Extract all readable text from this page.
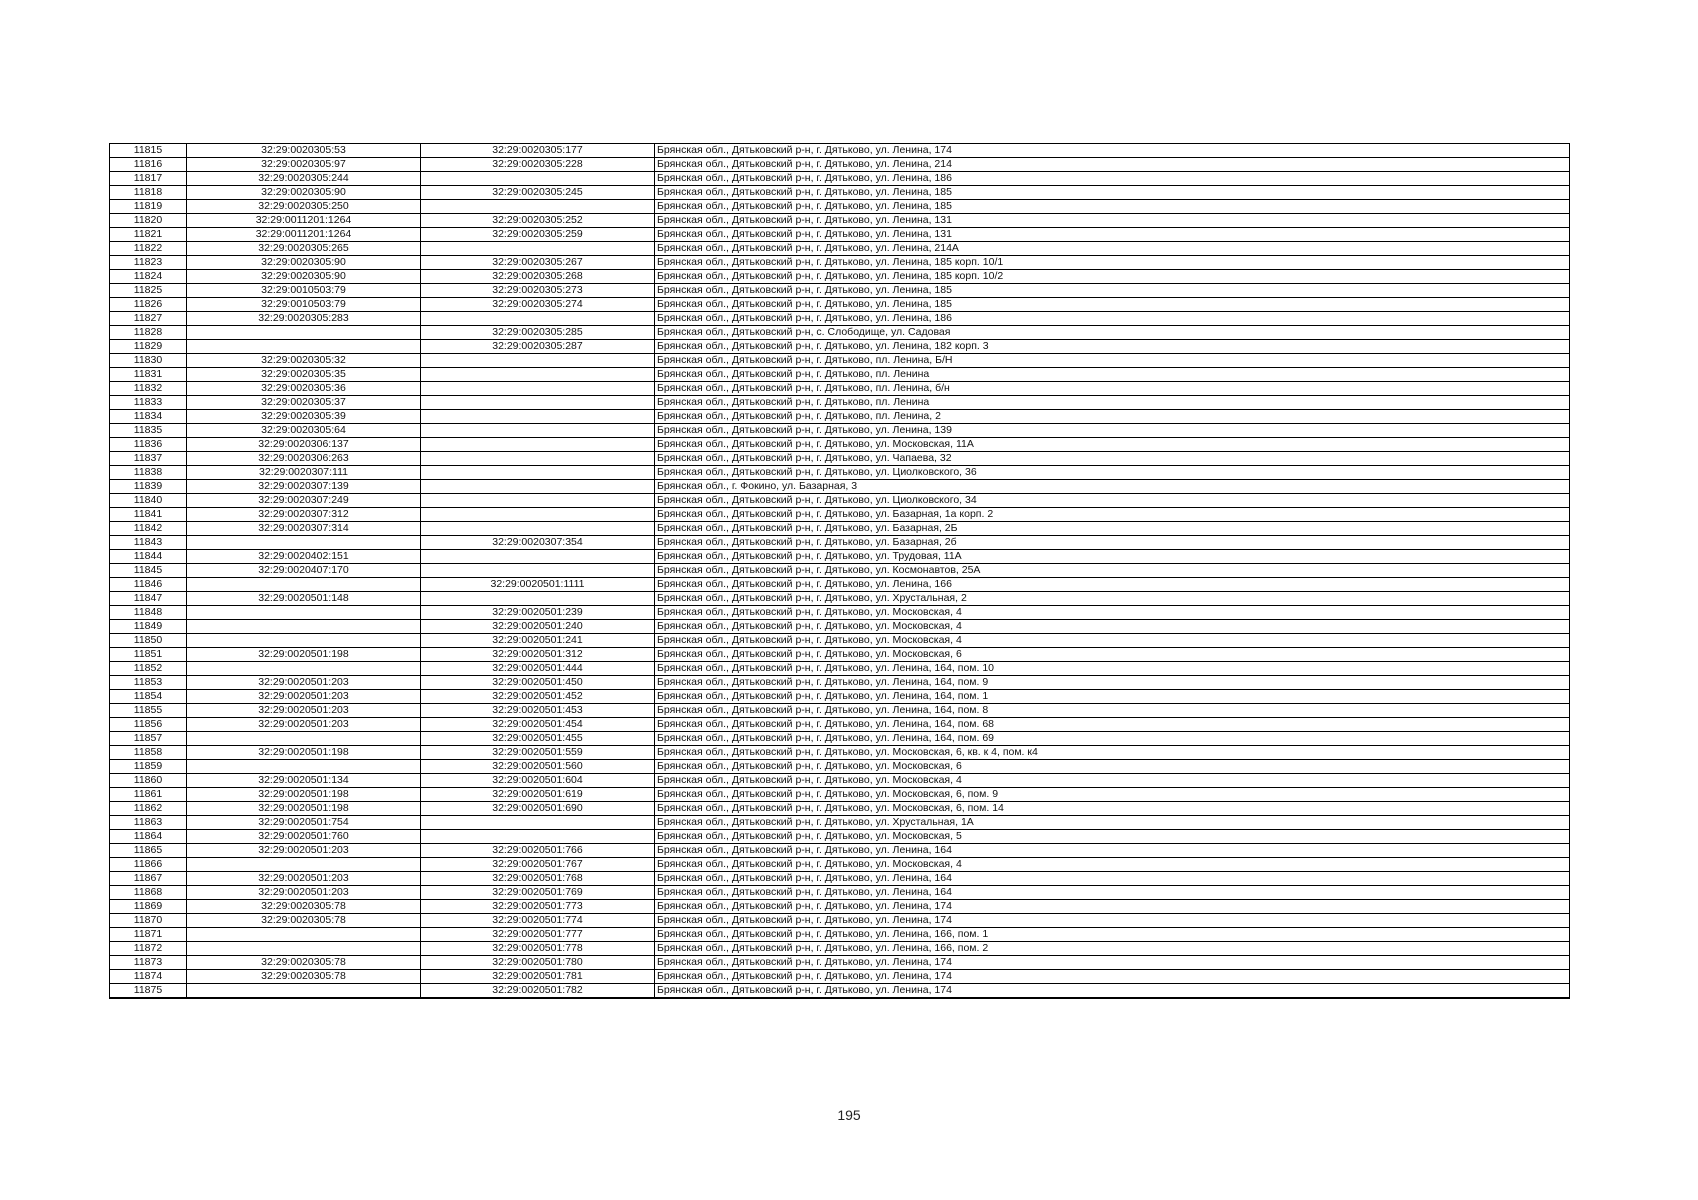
11815	32:29:0020305:53	32:29:0020305:177	Брянская обл., Дятьковский р-н, г. Дятьково, ул. Ленина, 174
11816	32:29:0020305:97	32:29:0020305:228	Брянская обл., Дятьковский р-н, г. Дятьково, ул. Ленина, 214
11817	32:29:0020305:244		Брянская обл., Дятьковский р-н, г. Дятьково, ул. Ленина, 186
11818	32:29:0020305:90	32:29:0020305:245	Брянская обл., Дятьковский р-н, г. Дятьково, ул. Ленина, 185
11819	32:29:0020305:250		Брянская обл., Дятьковский р-н, г. Дятьково, ул. Ленина, 185
11820	32:29:0011201:1264	32:29:0020305:252	Брянская обл., Дятьковский р-н, г. Дятьково, ул. Ленина, 131
11821	32:29:0011201:1264	32:29:0020305:259	Брянская обл., Дятьковский р-н, г. Дятьково, ул. Ленина, 131
11822	32:29:0020305:265		Брянская обл., Дятьковский р-н, г. Дятьково, ул. Ленина, 214А
11823	32:29:0020305:90	32:29:0020305:267	Брянская обл., Дятьковский р-н, г. Дятьково, ул. Ленина, 185 корп. 10/1
11824	32:29:0020305:90	32:29:0020305:268	Брянская обл., Дятьковский р-н, г. Дятьково, ул. Ленина, 185 корп. 10/2
11825	32:29:0010503:79	32:29:0020305:273	Брянская обл., Дятьковский р-н, г. Дятьково, ул. Ленина, 185
11826	32:29:0010503:79	32:29:0020305:274	Брянская обл., Дятьковский р-н, г. Дятьково, ул. Ленина, 185
11827	32:29:0020305:283		Брянская обл., Дятьковский р-н, г. Дятьково, ул. Ленина, 186
11828		32:29:0020305:285	Брянская обл., Дятьковский р-н, с. Слободище, ул. Садовая
11829		32:29:0020305:287	Брянская обл., Дятьковский р-н, г. Дятьково, ул. Ленина, 182 корп. 3
11830	32:29:0020305:32		Брянская обл., Дятьковский р-н, г. Дятьково, пл. Ленина, Б/Н
11831	32:29:0020305:35		Брянская обл., Дятьковский р-н, г. Дятьково, пл. Ленина
11832	32:29:0020305:36		Брянская обл., Дятьковский р-н, г. Дятьково, пл. Ленина, б/н
11833	32:29:0020305:37		Брянская обл., Дятьковский р-н, г. Дятьково, пл. Ленина
11834	32:29:0020305:39		Брянская обл., Дятьковский р-н, г. Дятьково, пл. Ленина, 2
11835	32:29:0020305:64		Брянская обл., Дятьковский р-н, г. Дятьково, ул. Ленина, 139
11836	32:29:0020306:137		Брянская обл., Дятьковский р-н, г. Дятьково, ул. Московская, 11А
11837	32:29:0020306:263		Брянская обл., Дятьковский р-н, г. Дятьково, ул. Чапаева, 32
11838	32:29:0020307:111		Брянская обл., Дятьковский р-н, г. Дятьково, ул. Циолковского, 36
11839	32:29:0020307:139		Брянская обл., г. Фокино, ул. Базарная, 3
11840	32:29:0020307:249		Брянская обл., Дятьковский р-н, г. Дятьково, ул. Циолковского, 34
11841	32:29:0020307:312		Брянская обл., Дятьковский р-н, г. Дятьково, ул. Базарная, 1а корп. 2
11842	32:29:0020307:314		Брянская обл., Дятьковский р-н, г. Дятьково, ул. Базарная, 2Б
11843		32:29:0020307:354	Брянская обл., Дятьковский р-н, г. Дятьково, ул. Базарная, 2б
11844	32:29:0020402:151		Брянская обл., Дятьковский р-н, г. Дятьково, ул. Трудовая, 11А
11845	32:29:0020407:170		Брянская обл., Дятьковский р-н, г. Дятьково, ул. Космонавтов, 25А
11846		32:29:0020501:1111	Брянская обл., Дятьковский р-н, г. Дятьково, ул. Ленина, 166
11847	32:29:0020501:148		Брянская обл., Дятьковский р-н, г. Дятьково, ул. Хрустальная, 2
11848		32:29:0020501:239	Брянская обл., Дятьковский р-н, г. Дятьково, ул. Московская, 4
11849		32:29:0020501:240	Брянская обл., Дятьковский р-н, г. Дятьково, ул. Московская, 4
11850		32:29:0020501:241	Брянская обл., Дятьковский р-н, г. Дятьково, ул. Московская, 4
11851	32:29:0020501:198	32:29:0020501:312	Брянская обл., Дятьковский р-н, г. Дятьково, ул. Московская, 6
11852		32:29:0020501:444	Брянская обл., Дятьковский р-н, г. Дятьково, ул. Ленина, 164, пом. 10
11853	32:29:0020501:203	32:29:0020501:450	Брянская обл., Дятьковский р-н, г. Дятьково, ул. Ленина, 164, пом. 9
11854	32:29:0020501:203	32:29:0020501:452	Брянская обл., Дятьковский р-н, г. Дятьково, ул. Ленина, 164, пом. 1
11855	32:29:0020501:203	32:29:0020501:453	Брянская обл., Дятьковский р-н, г. Дятьково, ул. Ленина, 164, пом. 8
11856	32:29:0020501:203	32:29:0020501:454	Брянская обл., Дятьковский р-н, г. Дятьково, ул. Ленина, 164, пом. 68
11857		32:29:0020501:455	Брянская обл., Дятьковский р-н, г. Дятьково, ул. Ленина, 164, пом. 69
11858	32:29:0020501:198	32:29:0020501:559	Брянская обл., Дятьковский р-н, г. Дятьково, ул. Московская, 6, кв. к 4, пом. к4
11859		32:29:0020501:560	Брянская обл., Дятьковский р-н, г. Дятьково, ул. Московская, 6
11860	32:29:0020501:134	32:29:0020501:604	Брянская обл., Дятьковский р-н, г. Дятьково, ул. Московская, 4
11861	32:29:0020501:198	32:29:0020501:619	Брянская обл., Дятьковский р-н, г. Дятьково, ул. Московская, 6, пом. 9
11862	32:29:0020501:198	32:29:0020501:690	Брянская обл., Дятьковский р-н, г. Дятьково, ул. Московская, 6, пом. 14
11863	32:29:0020501:754		Брянская обл., Дятьковский р-н, г. Дятьково, ул. Хрустальная, 1А
11864	32:29:0020501:760		Брянская обл., Дятьковский р-н, г. Дятьково, ул. Московская, 5
11865	32:29:0020501:203	32:29:0020501:766	Брянская обл., Дятьковский р-н, г. Дятьково, ул. Ленина, 164
11866		32:29:0020501:767	Брянская обл., Дятьковский р-н, г. Дятьково, ул. Московская, 4
11867	32:29:0020501:203	32:29:0020501:768	Брянская обл., Дятьковский р-н, г. Дятьково, ул. Ленина, 164
11868	32:29:0020501:203	32:29:0020501:769	Брянская обл., Дятьковский р-н, г. Дятьково, ул. Ленина, 164
11869	32:29:0020305:78	32:29:0020501:773	Брянская обл., Дятьковский р-н, г. Дятьково, ул. Ленина, 174
11870	32:29:0020305:78	32:29:0020501:774	Брянская обл., Дятьковский р-н, г. Дятьково, ул. Ленина, 174
11871		32:29:0020501:777	Брянская обл., Дятьковский р-н, г. Дятьково, ул. Ленина, 166, пом. 1
11872		32:29:0020501:778	Брянская обл., Дятьковский р-н, г. Дятьково, ул. Ленина, 166, пом. 2
11873	32:29:0020305:78	32:29:0020501:780	Брянская обл., Дятьковский р-н, г. Дятьково, ул. Ленина, 174
11874	32:29:0020305:78	32:29:0020501:781	Брянская обл., Дятьковский р-н, г. Дятьково, ул. Ленина, 174
11875		32:29:0020501:782	Брянская обл., Дятьковский р-н, г. Дятьково, ул. Ленина, 174
195
